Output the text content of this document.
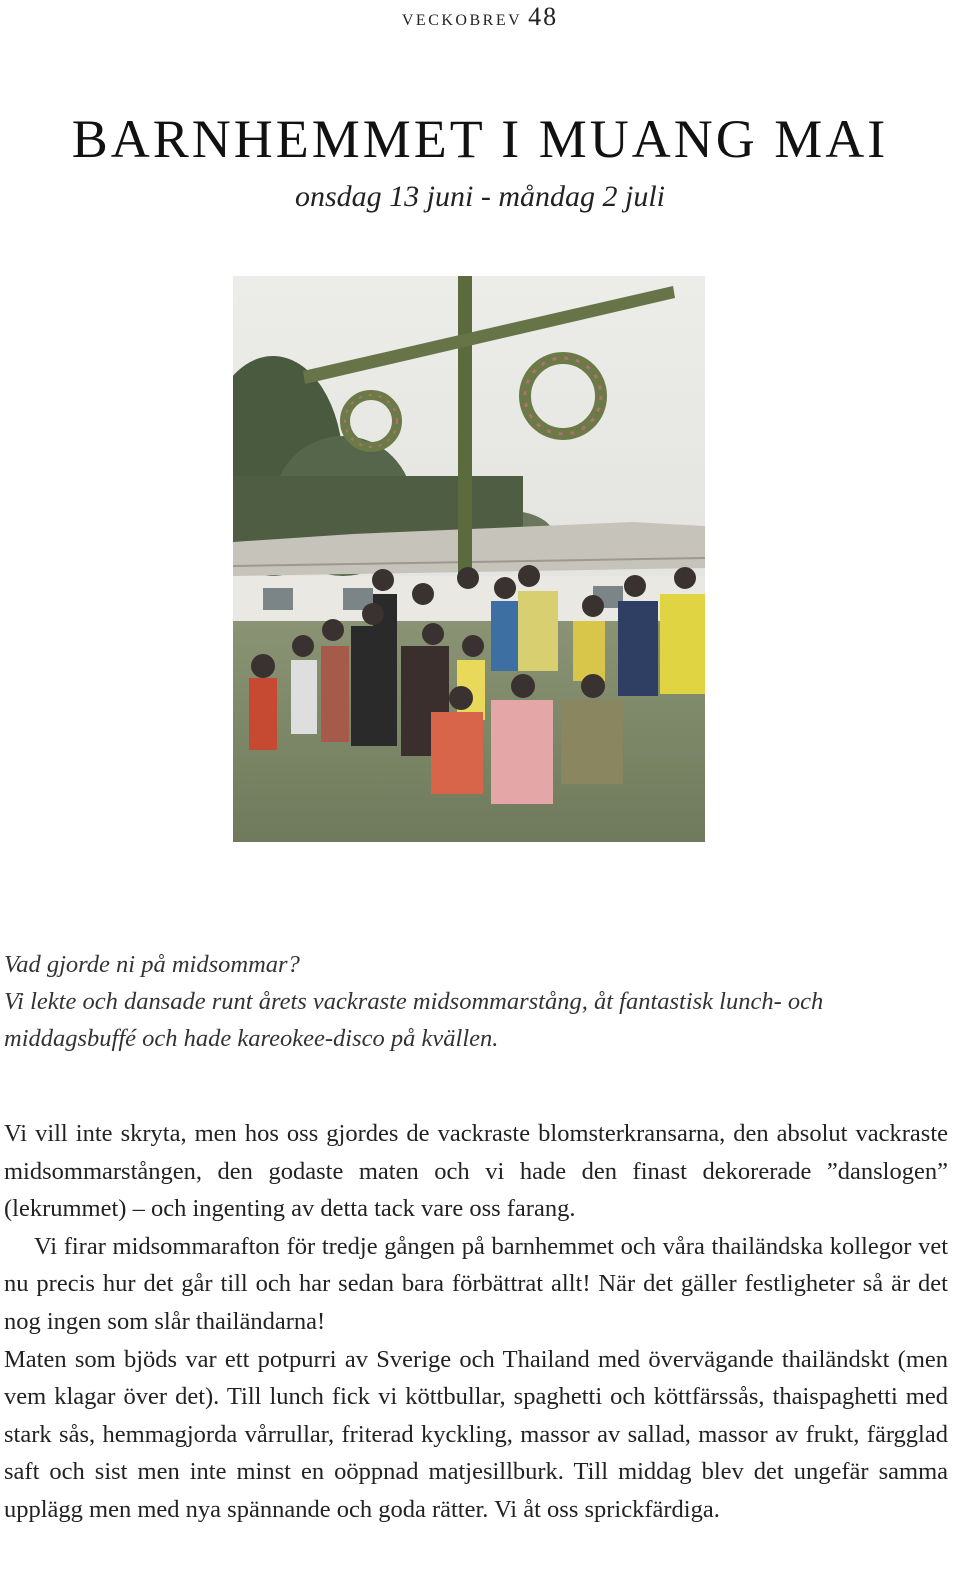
veckobrev 48
BARNHEMMET I MUANG MAI
onsdag 13 juni - måndag 2 juli

Vad gjorde ni på midsommar?

Vi lekte och dansade runt årets vackraste midsommarstång, åt fantastisk lunch- och middagsbuffé och hade kareokee-disco på kvällen.

Vi vill inte skryta, men hos oss gjordes de vackraste blomsterkransarna, den absolut vackraste midsommarstången, den godaste maten och vi hade den finast dekorerade ”danslogen” (lekrummet) – och ingenting av detta tack vare oss farang.

Vi firar midsommarafton för tredje gången på barnhemmet och våra thailändska kollegor vet nu precis hur det går till och har sedan bara förbättrat allt! När det gäller festligheter så är det nog ingen som slår thailändarna!

Maten som bjöds var ett potpurri av Sverige och Thailand med övervägande thailändskt (men vem klagar över det). Till lunch fick vi köttbullar, spaghetti och köttfärssås, thaispaghetti med stark sås, hemmagjorda vårrullar, friterad kyckling, massor av sallad, massor av frukt, färgglad saft och sist men inte minst en oöppnad matjesillburk. Till middag blev det ungefär samma upplägg men med nya spännande och goda rätter. Vi åt oss sprickfärdiga.
